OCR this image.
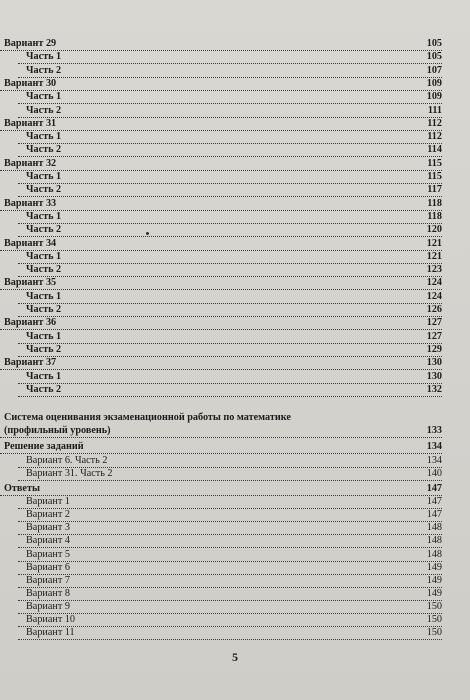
Вариант 29	105
Часть 1	105
Часть 2	107
Вариант 30	109
Часть 1	109
Часть 2	111
Вариант 31	112
Часть 1	112
Часть 2	114
Вариант 32	115
Часть 1	115
Часть 2	117
Вариант 33	118
Часть 1	118
Часть 2	120
Вариант 34	121
Часть 1	121
Часть 2	123
Вариант 35	124
Часть 1	124
Часть 2	126
Вариант 36	127
Часть 1	127
Часть 2	129
Вариант 37	130
Часть 1	130
Часть 2	132
Система оценивания экзаменационной работы по математике
(профильный уровень)	133
Решение заданий	134
Вариант 6. Часть 2	134
Вариант 31. Часть 2	140
Ответы	147
Вариант 1	147
Вариант 2	147
Вариант 3	148
Вариант 4	148
Вариант 5	148
Вариант 6	149
Вариант 7	149
Вариант 8	149
Вариант 9	150
Вариант 10	150
Вариант 11	150
5
